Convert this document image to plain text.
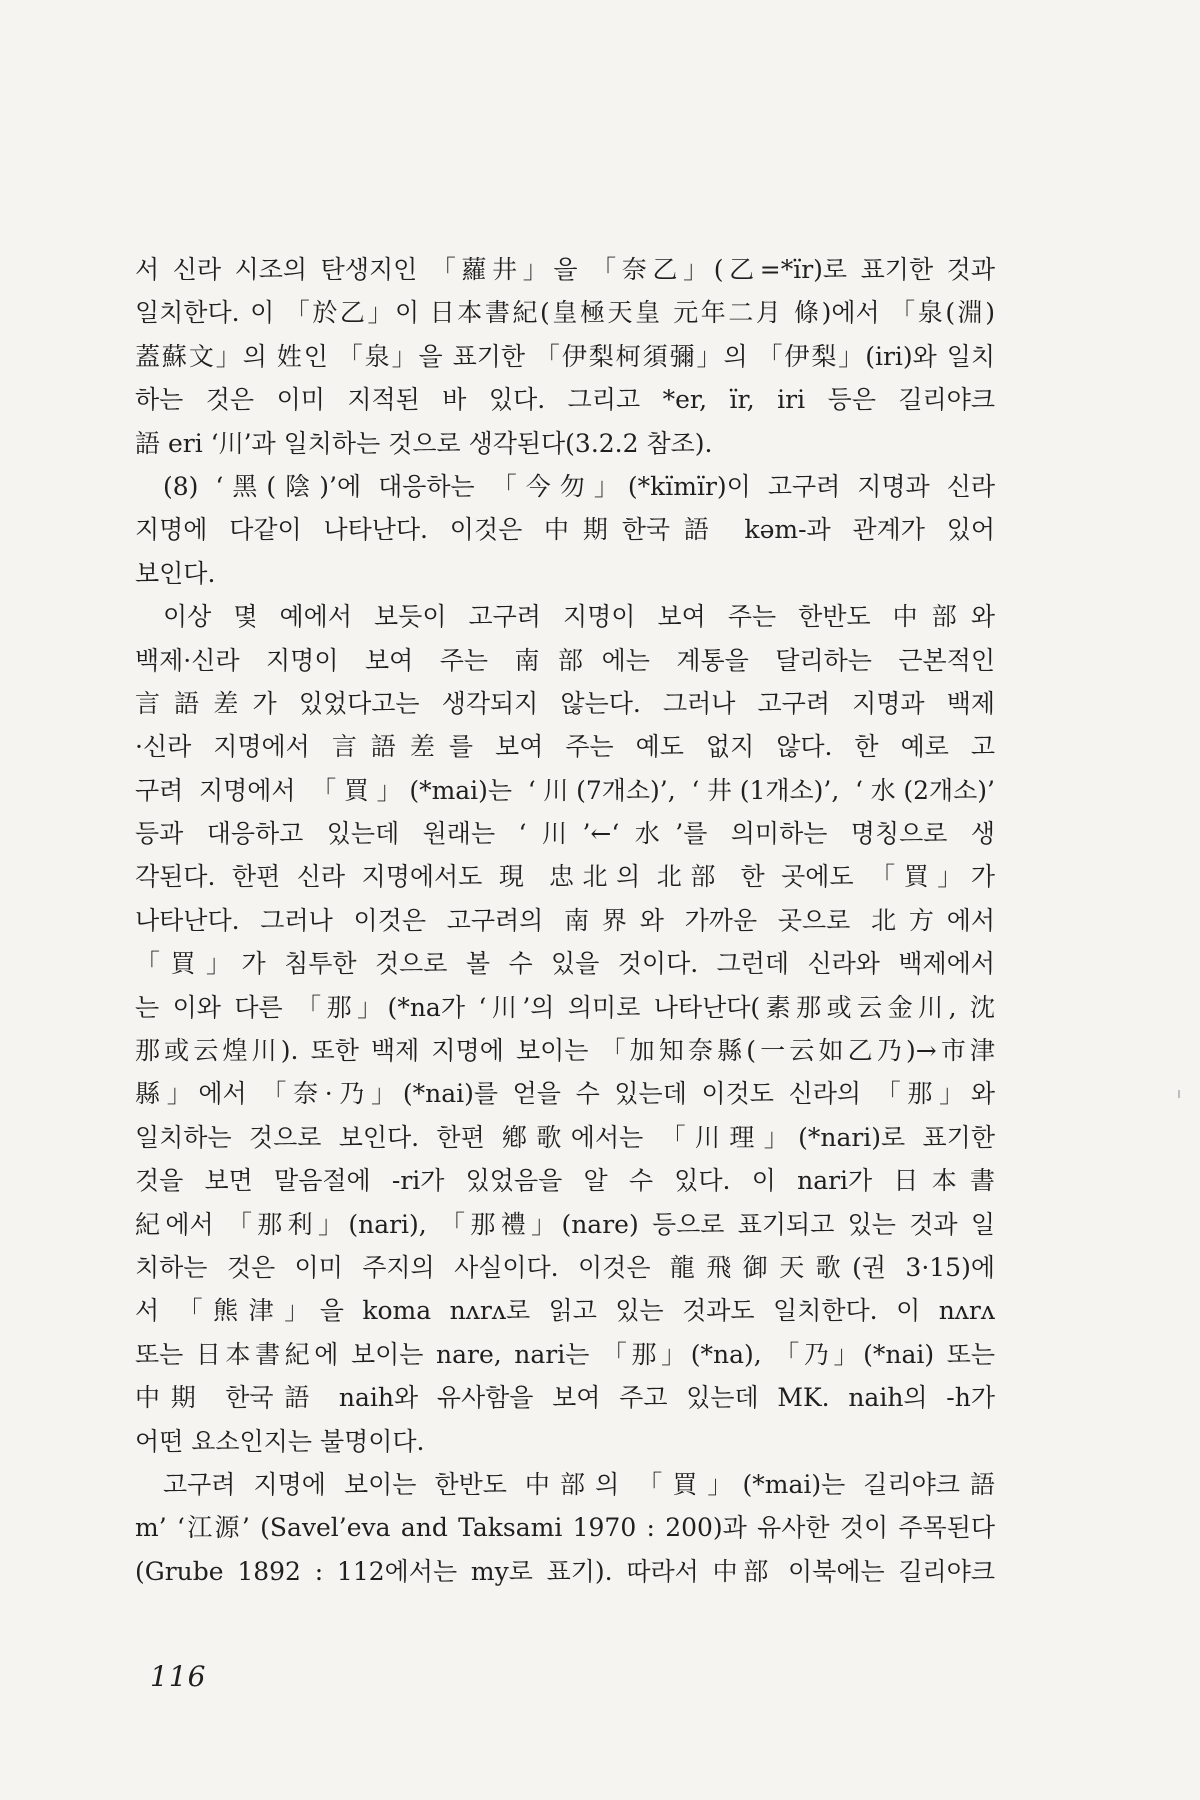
서 신라 시조의 탄생지인 「蘿井」을 「奈乙」(乙=*ïr)로 표기한 것과
일치한다. 이 「於乙」이 日本書紀(皇極天皇 元年二月 條)에서 「泉(淵)
蓋蘇文」의 姓인 「泉」을 표기한 「伊梨柯須彌」의 「伊梨」(iri)와 일치
하는 것은 이미 지적된 바 있다. 그리고 *er, ïr, iri 등은 길리야크
語 eri ‘川’과 일치하는 것으로 생각된다(3.2.2 참조).
(8) ‘黑(陰)’에 대응하는 「今勿」(*kïmïr)이 고구려 지명과 신라
지명에 다같이 나타난다. 이것은 中期한국語 kəm-과 관계가 있어
보인다.
이상 몇 예에서 보듯이 고구려 지명이 보여 주는 한반도 中部와
백제·신라 지명이 보여 주는 南部에는 계통을 달리하는 근본적인
言語差가 있었다고는 생각되지 않는다. 그러나 고구려 지명과 백제
·신라 지명에서 言語差를 보여 주는 예도 없지 않다. 한 예로 고
구려 지명에서 「買」(*mai)는 ‘川(7개소)’, ‘井(1개소)’, ‘水(2개소)’
등과 대응하고 있는데 원래는 ‘川’←‘水’를 의미하는 명칭으로 생
각된다. 한편 신라 지명에서도 現 忠北의 北部 한 곳에도 「買」가
나타난다. 그러나 이것은 고구려의 南界와 가까운 곳으로 北方에서
「買」가 침투한 것으로 볼 수 있을 것이다. 그런데 신라와 백제에서
는 이와 다른 「那」(*na가 ‘川’의 의미로 나타난다(素那或云金川, 沈
那或云煌川). 또한 백제 지명에 보이는 「加知奈縣(一云如乙乃)→市津
縣」에서 「奈·乃」(*nai)를 얻을 수 있는데 이것도 신라의 「那」와
일치하는 것으로 보인다. 한편 鄕歌에서는 「川理」(*nari)로 표기한
것을 보면 말음절에 -ri가 있었음을 알 수 있다. 이 nari가 日本書
紀에서 「那利」(nari), 「那禮」(nare) 등으로 표기되고 있는 것과 일
치하는 것은 이미 주지의 사실이다. 이것은 龍飛御天歌(권 3·15)에
서 「熊津」을 koma nʌrʌ로 읽고 있는 것과도 일치한다. 이 nʌrʌ
또는 日本書紀에 보이는 nare, nari는 「那」(*na), 「乃」(*nai) 또는
中期 한국語 naih와 유사함을 보여 주고 있는데 MK. naih의 -h가
어떤 요소인지는 불명이다.
고구려 지명에 보이는 한반도 中部의 「買」(*mai)는 길리야크語
m’ ‘江源’ (Savel’eva and Taksami 1970 : 200)과 유사한 것이 주목된다
(Grube 1892 : 112에서는 my로 표기). 따라서 中部 이북에는 길리야크
116
